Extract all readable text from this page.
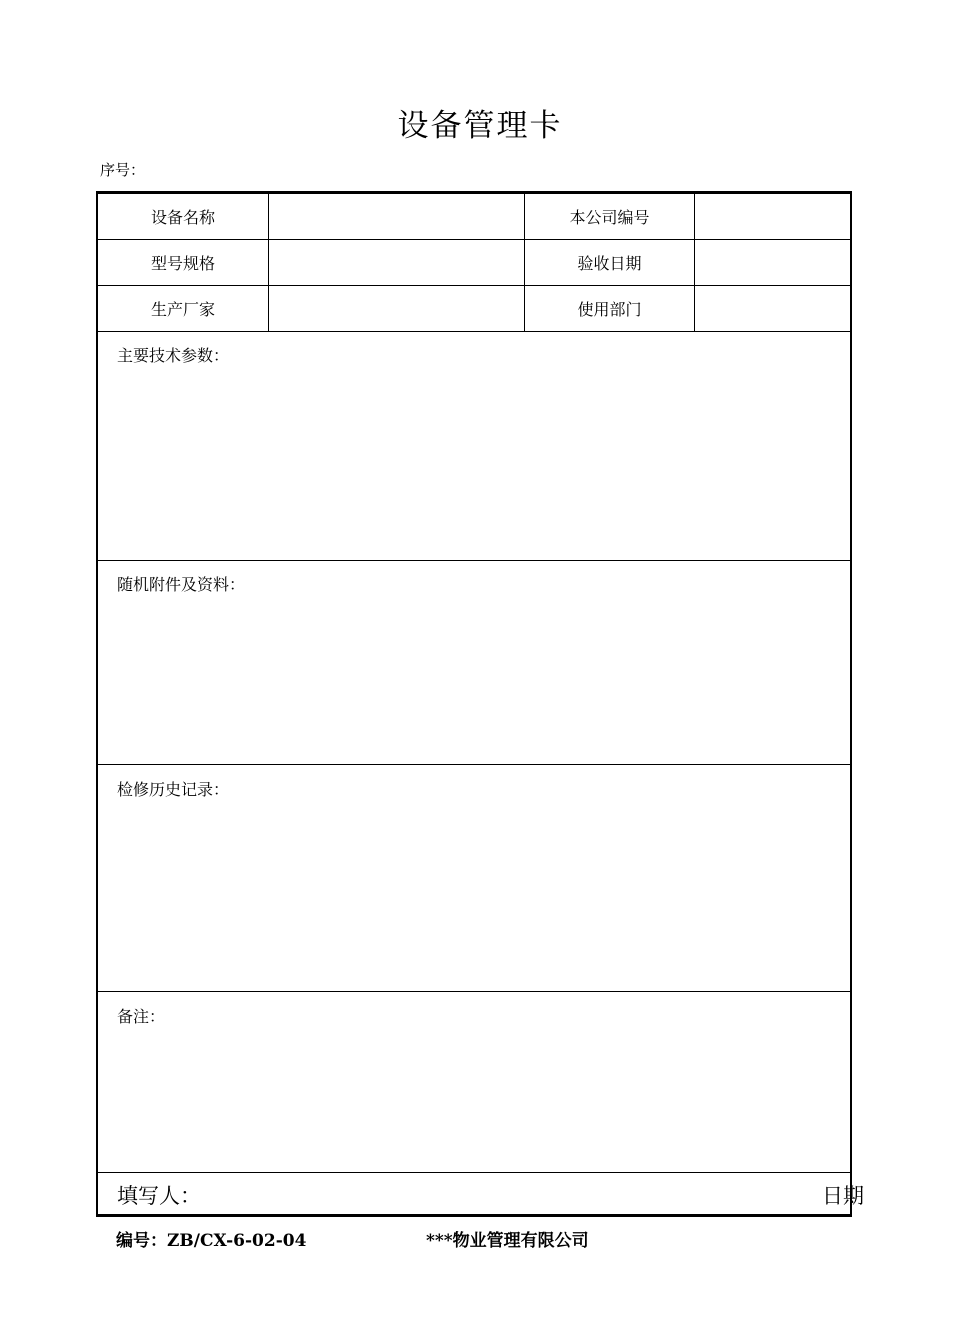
设备管理卡
序号：
设备名称	本公司编号
型号规格	验收日期
生产厂家	使用部门
主要技术参数：
随机附件及资料：
检修历史记录：
备注：
填写人：	日期
编号：ZB/CX-6-02-04	***物业管理有限公司
